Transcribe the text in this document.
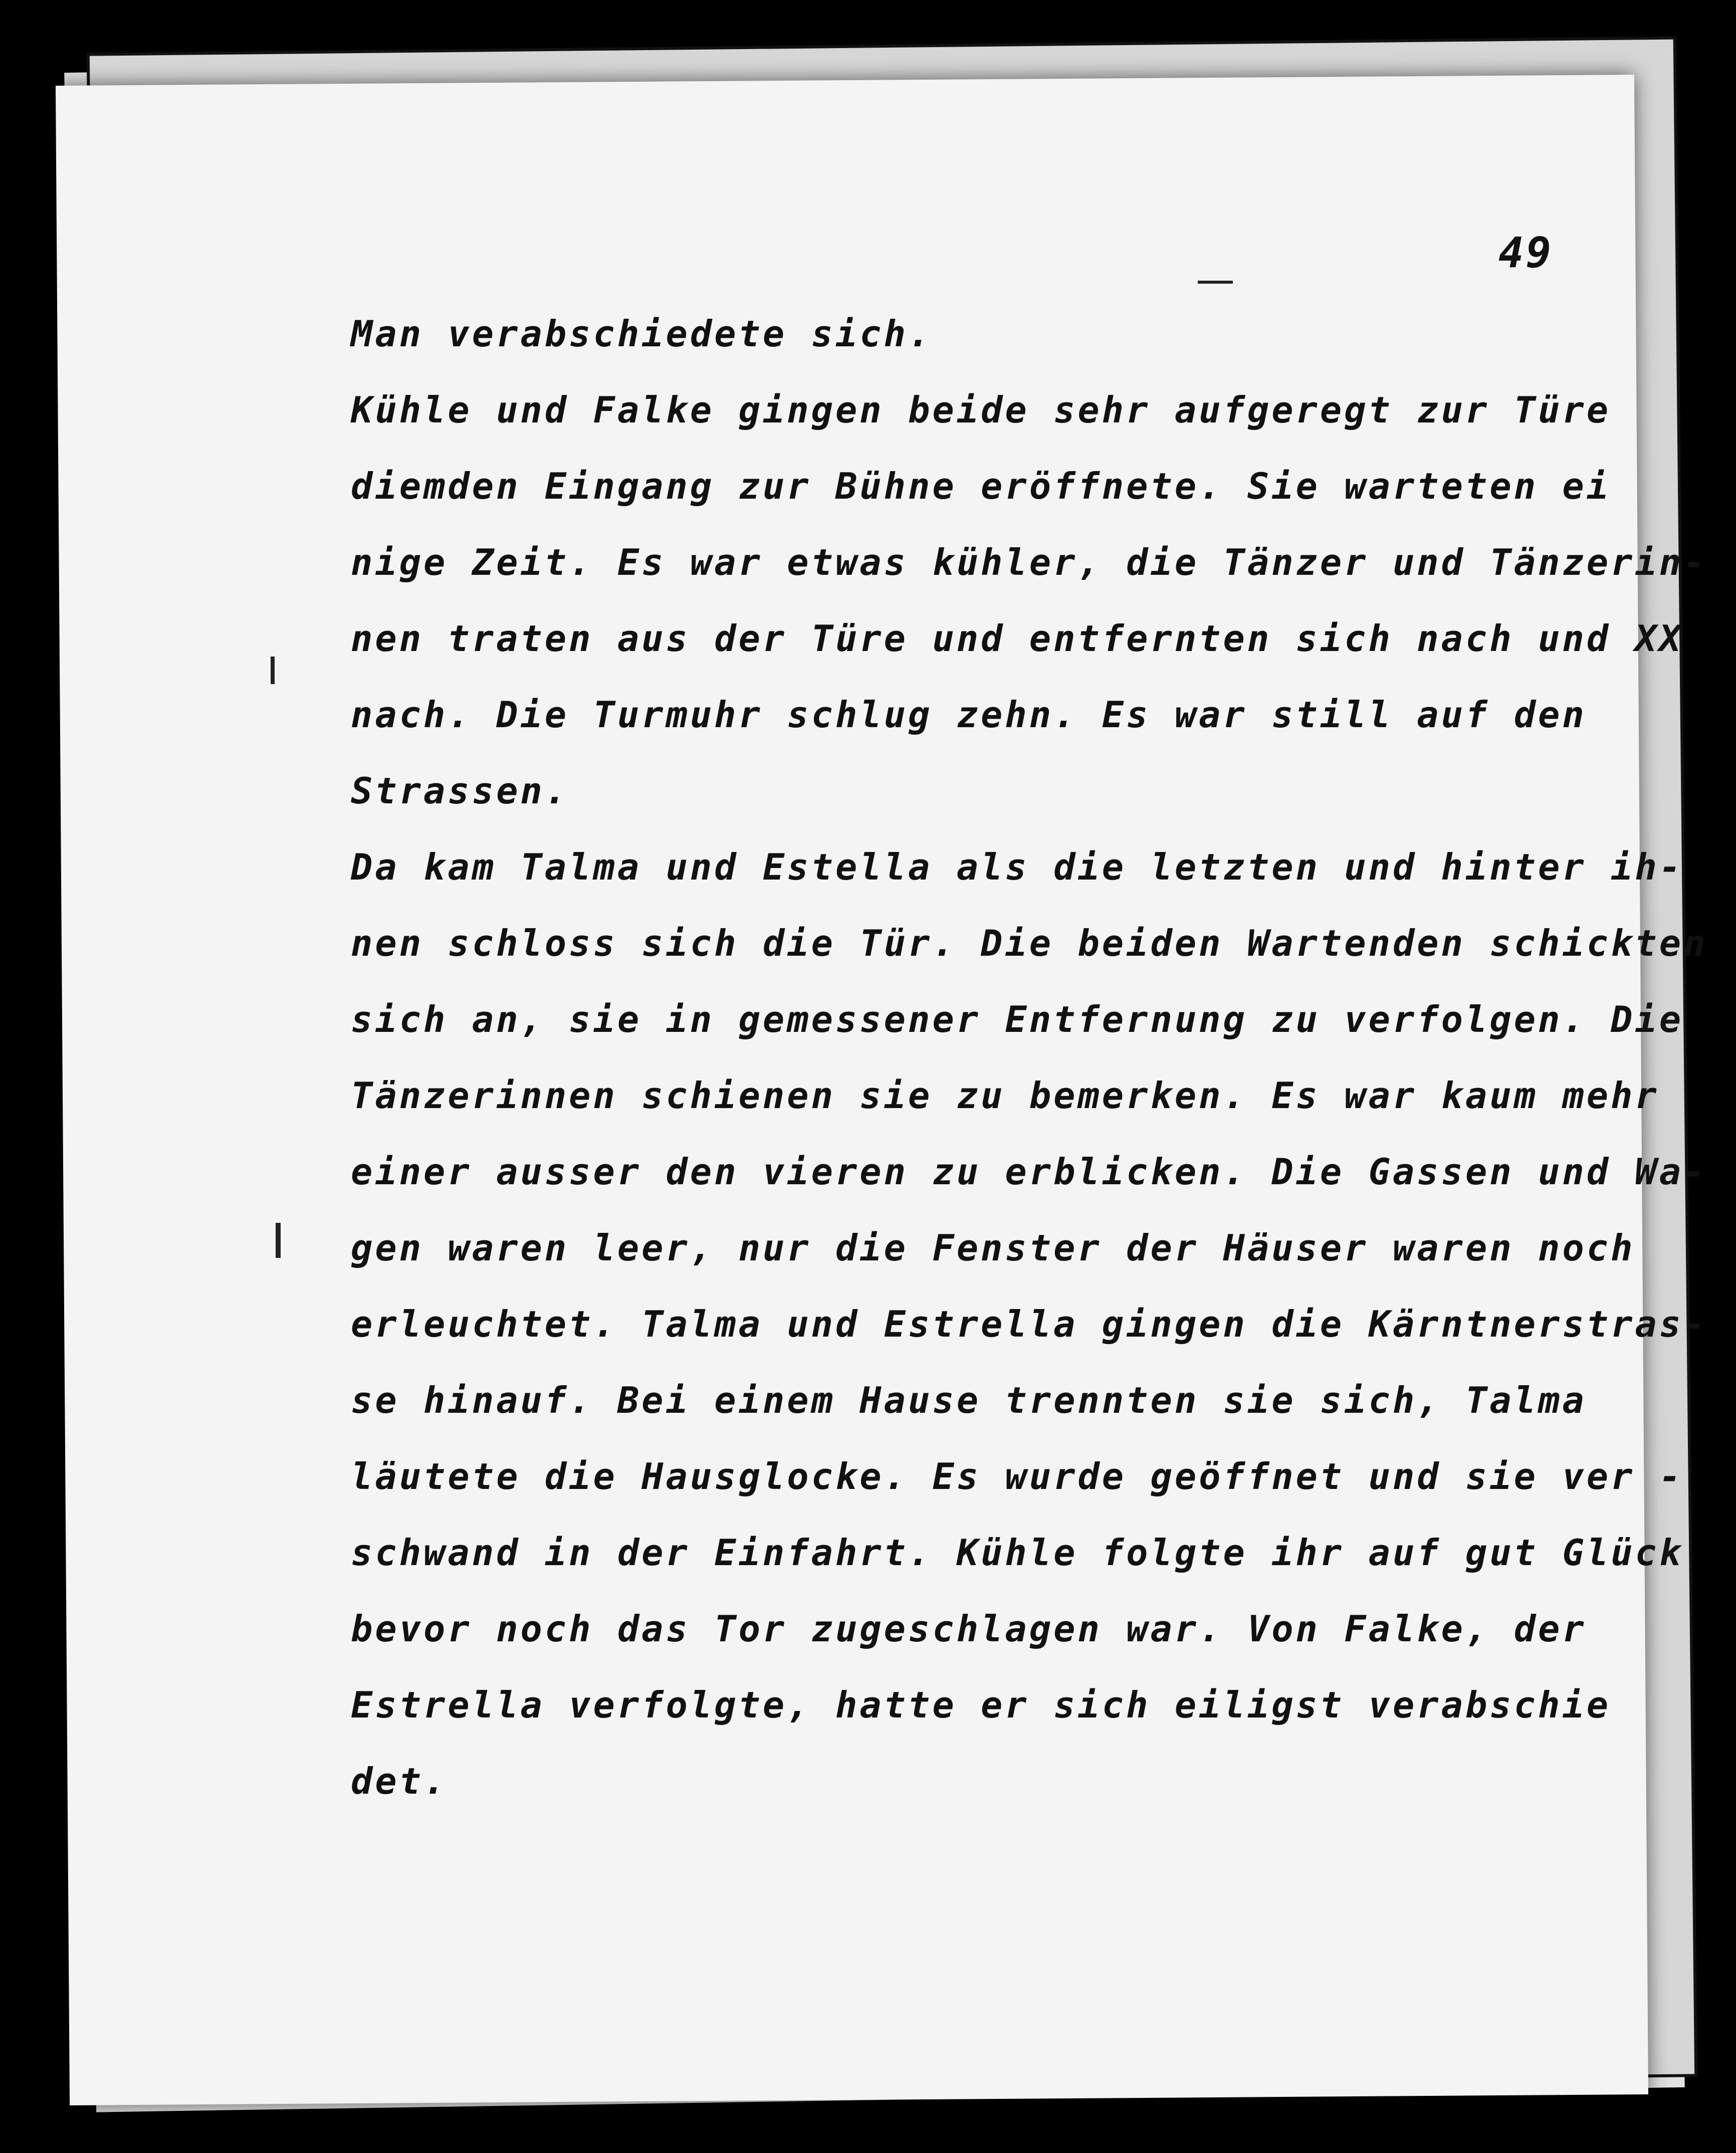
49
Man verabschiedete sich.
Kühle und Falke gingen beide sehr aufgeregt zur Türe
diemden Eingang zur Bühne eröffnete. Sie warteten ei
nige Zeit. Es war etwas kühler, die Tänzer und Tänzerin-
nen traten aus der Türe und entfernten sich nach und XX
nach. Die Turmuhr schlug zehn. Es war still auf den
Strassen.
Da kam Talma und Estella als die letzten und hinter ih-
nen schloss sich die Tür. Die beiden Wartenden schickten
sich an, sie in gemessener Entfernung zu verfolgen. Die
Tänzerinnen schienen sie zu bemerken. Es war kaum mehr
einer ausser den vieren zu erblicken. Die Gassen und Wa-
gen waren leer, nur die Fenster der Häuser waren noch
erleuchtet. Talma und Estrella gingen die Kärntnerstras-
se hinauf. Bei einem Hause trennten sie sich, Talma
läutete die Hausglocke. Es wurde geöffnet und sie ver -
schwand in der Einfahrt. Kühle folgte ihr auf gut Glück
bevor noch das Tor zugeschlagen war. Von Falke, der
Estrella verfolgte, hatte er sich eiligst verabschie
det.
